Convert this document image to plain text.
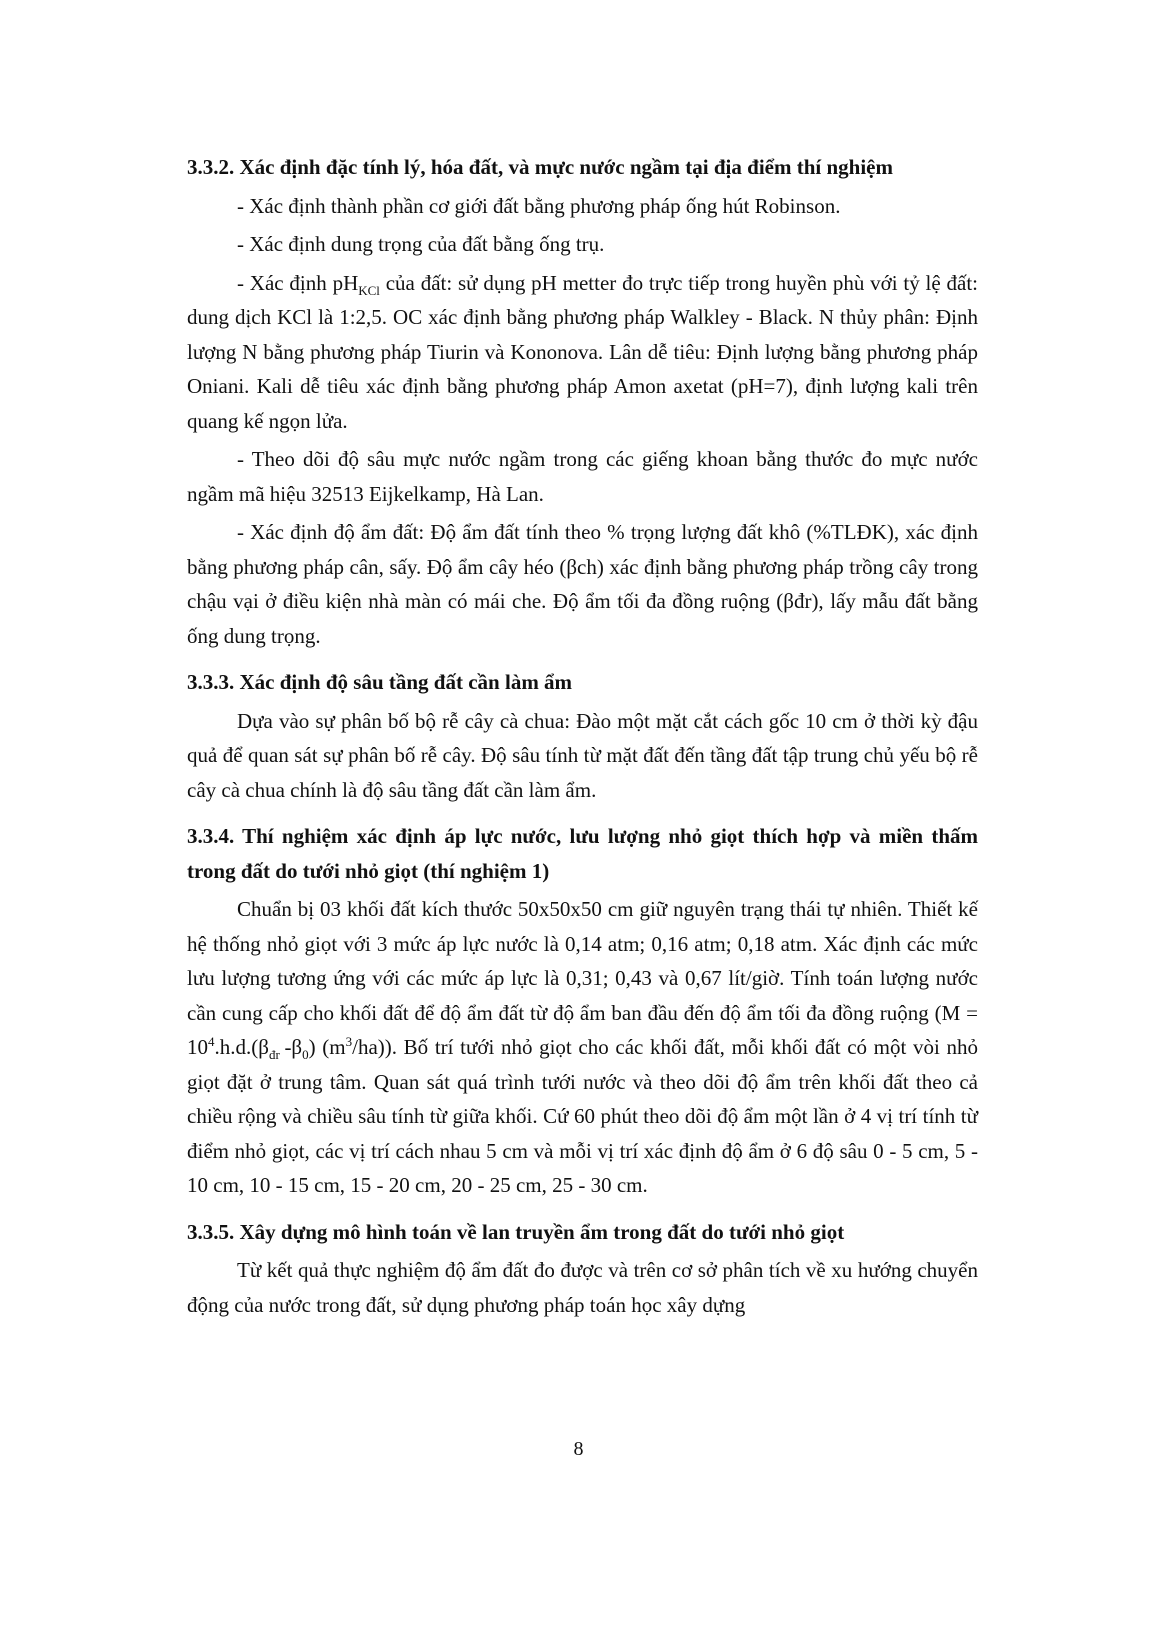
3.3.2. Xác định đặc tính lý, hóa đất, và mực nước ngầm tại địa điểm thí nghiệm

- Xác định thành phần cơ giới đất bằng phương pháp ống hút Robinson.

- Xác định dung trọng của đất bằng ống trụ.

- Xác định $pH_{KCl}$ của đất: sử dụng pH metter đo trực tiếp trong huyền phù với tỷ lệ đất: dung dịch KCl là 1:2,5. OC xác định bằng phương pháp Walkley - Black. N thủy phân: Định lượng N bằng phương pháp Tiurin và Kononova. Lân dễ tiêu: Định lượng bằng phương pháp Oniani. Kali dễ tiêu xác định bằng phương pháp Amon axetat (pH=7), định lượng kali trên quang kế ngọn lửa.

- Theo dõi độ sâu mực nước ngầm trong các giếng khoan bằng thước đo mực nước ngầm mã hiệu 32513 Eijkelkamp, Hà Lan.

- Xác định độ ẩm đất: Độ ẩm đất tính theo % trọng lượng đất khô (%TLĐK), xác định bằng phương pháp cân, sấy. Độ ẩm cây héo (βch) xác định bằng phương pháp trồng cây trong chậu vại ở điều kiện nhà màn có mái che. Độ ẩm tối đa đồng ruộng (βđr), lấy mẫu đất bằng ống dung trọng.

3.3.3. Xác định độ sâu tầng đất cần làm ẩm

Dựa vào sự phân bố bộ rễ cây cà chua: Đào một mặt cắt cách gốc 10 cm ở thời kỳ đậu quả để quan sát sự phân bố rễ cây. Độ sâu tính từ mặt đất đến tầng đất tập trung chủ yếu bộ rễ cây cà chua chính là độ sâu tầng đất cần làm ẩm.

3.3.4. Thí nghiệm xác định áp lực nước, lưu lượng nhỏ giọt thích hợp và miền thấm trong đất do tưới nhỏ giọt (thí nghiệm 1)

Chuẩn bị 03 khối đất kích thước 50x50x50 cm giữ nguyên trạng thái tự nhiên. Thiết kế hệ thống nhỏ giọt với 3 mức áp lực nước là 0,14 atm; 0,16 atm; 0,18 atm. Xác định các mức lưu lượng tương ứng với các mức áp lực là 0,31; 0,43 và 0,67 lít/giờ. Tính toán lượng nước cần cung cấp cho khối đất để độ ẩm đất từ độ ẩm ban đầu đến độ ẩm tối đa đồng ruộng ($M = 10^4.h.d.(\beta_{đr}$ $-\beta_0$) $(m^3/ha)$). Bố trí tưới nhỏ giọt cho các khối đất, mỗi khối đất có một vòi nhỏ giọt đặt ở trung tâm. Quan sát quá trình tưới nước và theo dõi độ ẩm trên khối đất theo cả chiều rộng và chiều sâu tính từ giữa khối. Cứ 60 phút theo dõi độ ẩm một lần ở 4 vị trí tính từ điểm nhỏ giọt, các vị trí cách nhau 5 cm và mỗi vị trí xác định độ ẩm ở 6 độ sâu 0 - 5 cm, 5 - 10 cm, 10 - 15 cm, 15 - 20 cm, 20 - 25 cm, 25 - 30 cm.

3.3.5. Xây dựng mô hình toán về lan truyền ẩm trong đất do tưới nhỏ giọt

Từ kết quả thực nghiệm độ ẩm đất đo được và trên cơ sở phân tích về xu hướng chuyển động của nước trong đất, sử dụng phương pháp toán học xây dựng

8
